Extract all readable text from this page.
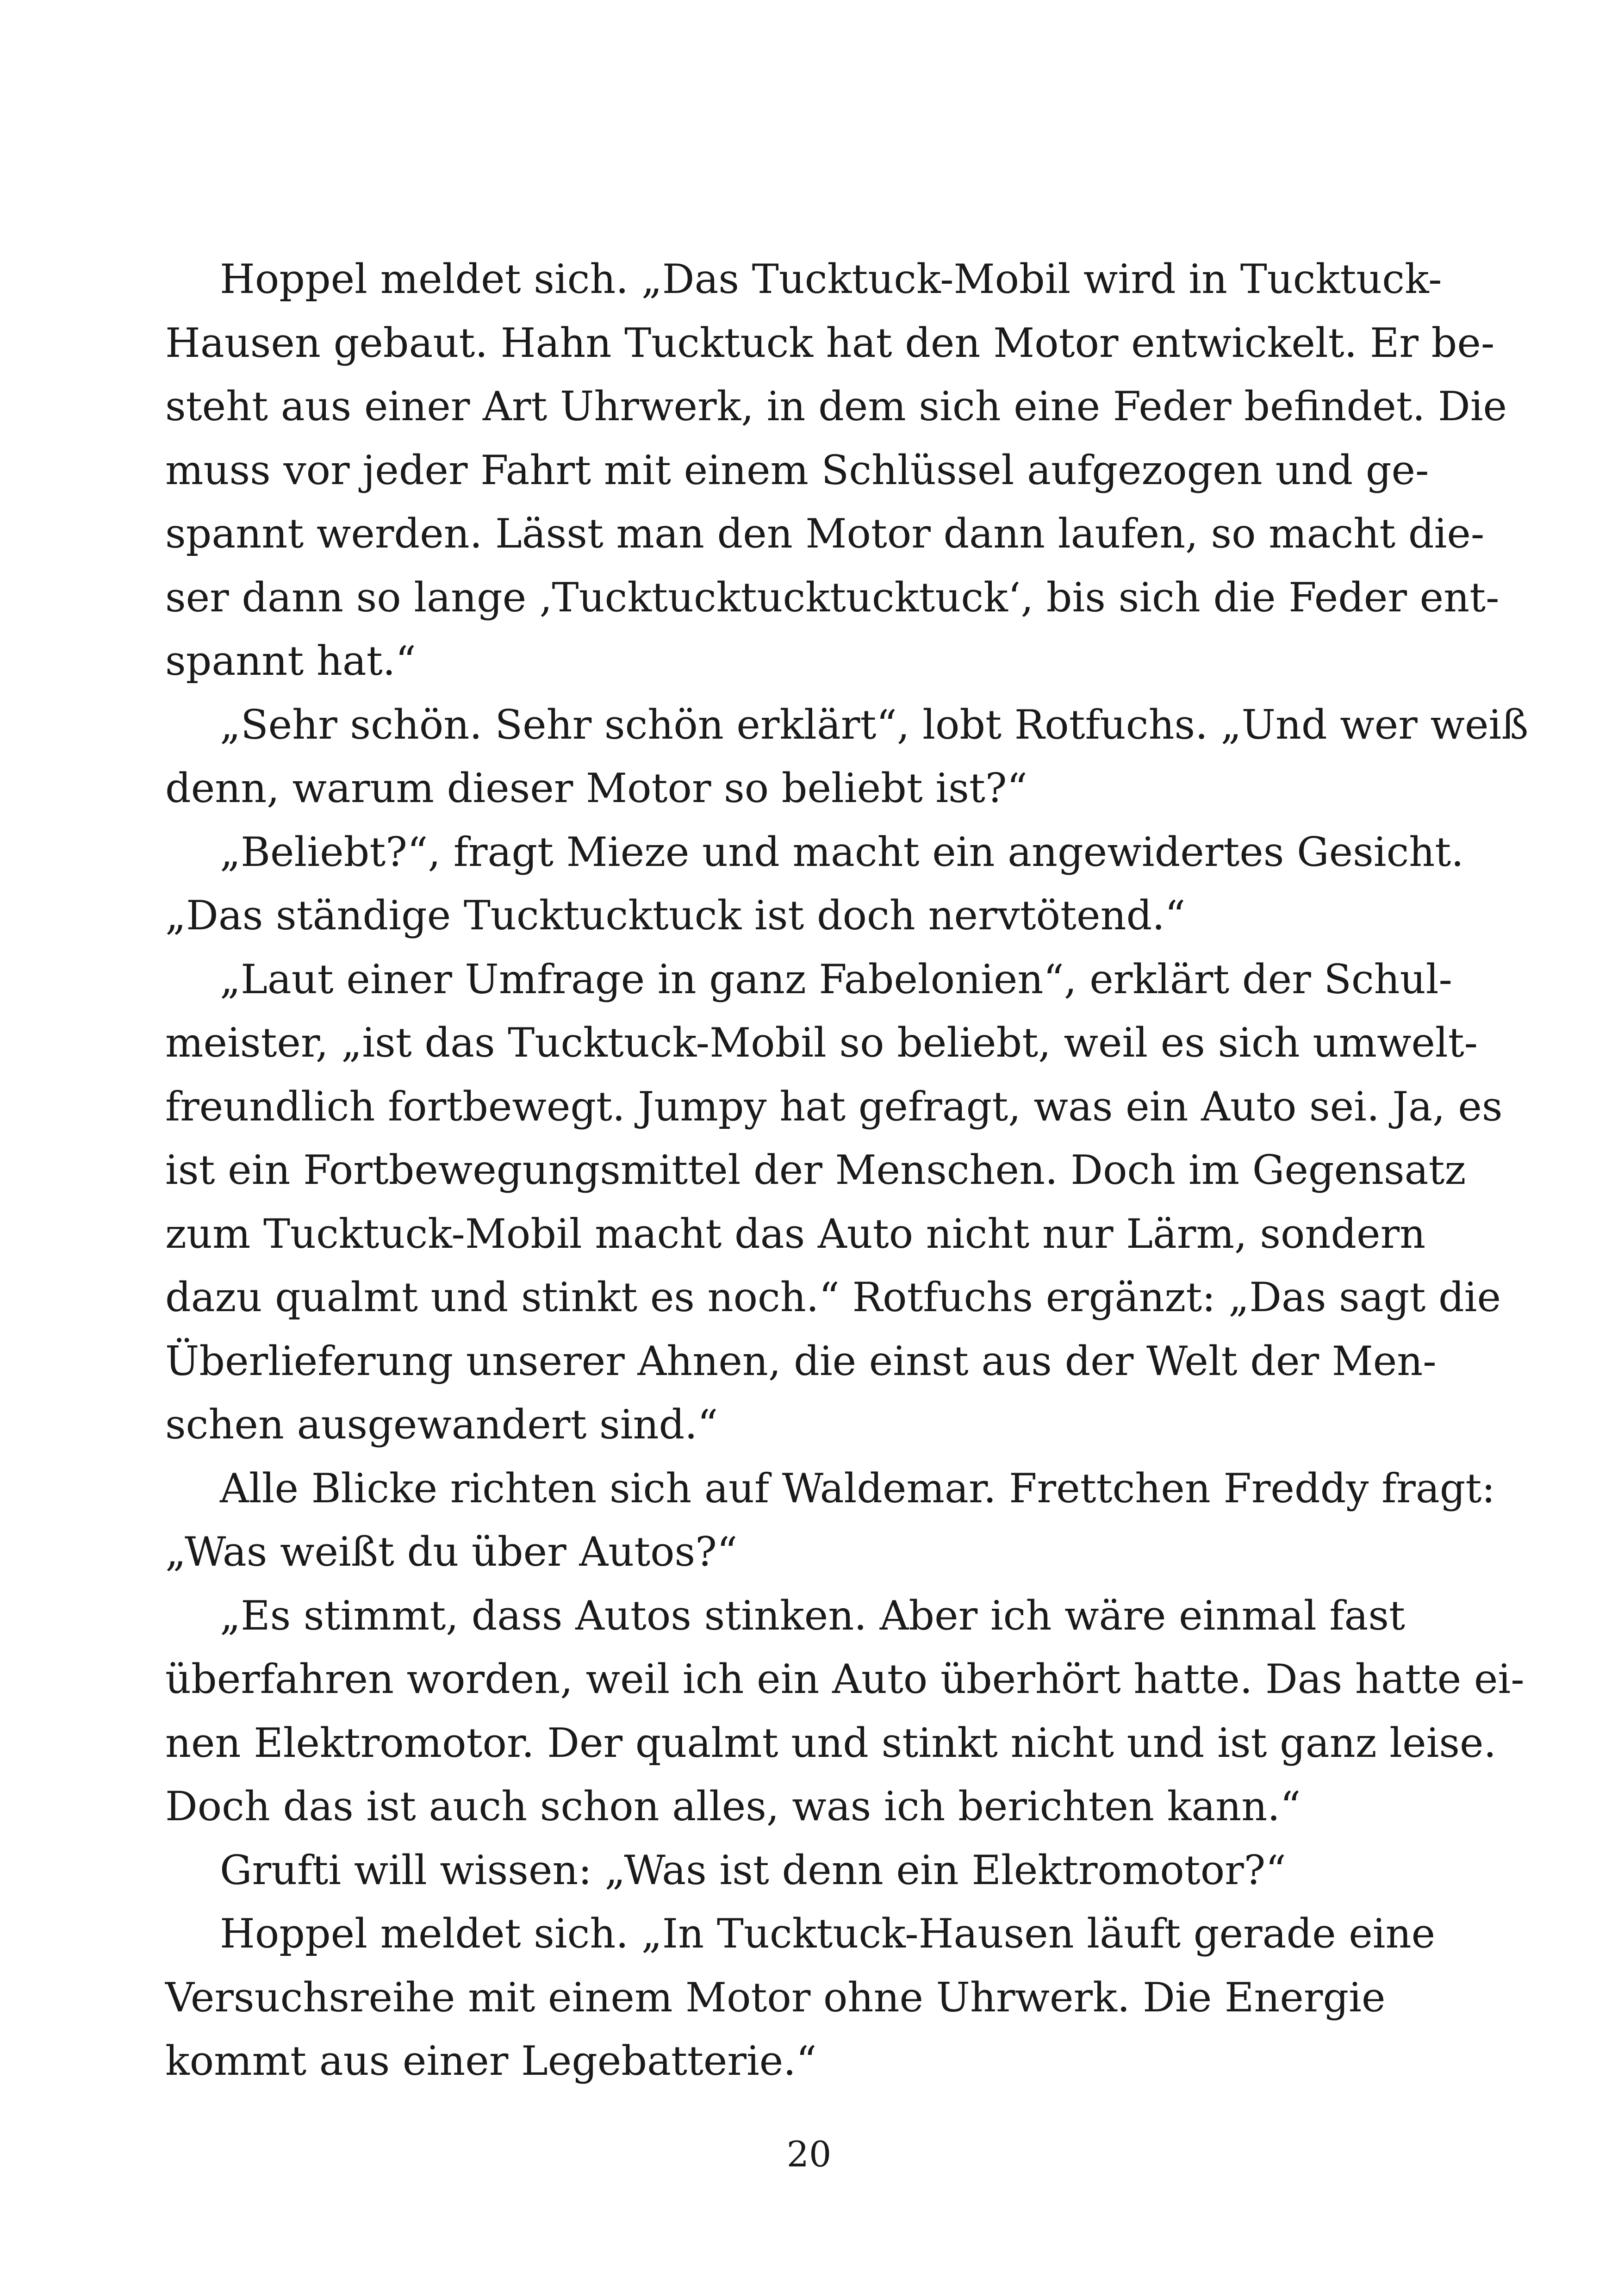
Hoppel meldet sich. „Das Tucktuck-Mobil wird in Tucktuck-
Hausen gebaut. Hahn Tucktuck hat den Motor entwickelt. Er be-
steht aus einer Art Uhrwerk, in dem sich eine Feder befindet. Die
muss vor jeder Fahrt mit einem Schlüssel aufgezogen und ge-
spannt werden. Lässt man den Motor dann laufen, so macht die-
ser dann so lange ‚Tucktucktucktucktuck‘, bis sich die Feder ent-
spannt hat.“
„Sehr schön. Sehr schön erklärt“, lobt Rotfuchs. „Und wer weiß
denn, warum dieser Motor so beliebt ist?“
„Beliebt?“, fragt Mieze und macht ein angewidertes Gesicht.
„Das ständige Tucktucktuck ist doch nervtötend.“
„Laut einer Umfrage in ganz Fabelonien“, erklärt der Schul-
meister, „ist das Tucktuck-Mobil so beliebt, weil es sich umwelt-
freundlich fortbewegt. Jumpy hat gefragt, was ein Auto sei. Ja, es
ist ein Fortbewegungsmittel der Menschen. Doch im Gegensatz
zum Tucktuck-Mobil macht das Auto nicht nur Lärm, sondern
dazu qualmt und stinkt es noch.“ Rotfuchs ergänzt: „Das sagt die
Überlieferung unserer Ahnen, die einst aus der Welt der Men-
schen ausgewandert sind.“
Alle Blicke richten sich auf Waldemar. Frettchen Freddy fragt:
„Was weißt du über Autos?“
„Es stimmt, dass Autos stinken. Aber ich wäre einmal fast
überfahren worden, weil ich ein Auto überhört hatte. Das hatte ei-
nen Elektromotor. Der qualmt und stinkt nicht und ist ganz leise.
Doch das ist auch schon alles, was ich berichten kann.“
Grufti will wissen: „Was ist denn ein Elektromotor?“
Hoppel meldet sich. „In Tucktuck-Hausen läuft gerade eine
Versuchsreihe mit einem Motor ohne Uhrwerk. Die Energie
kommt aus einer Legebatterie.“
20
